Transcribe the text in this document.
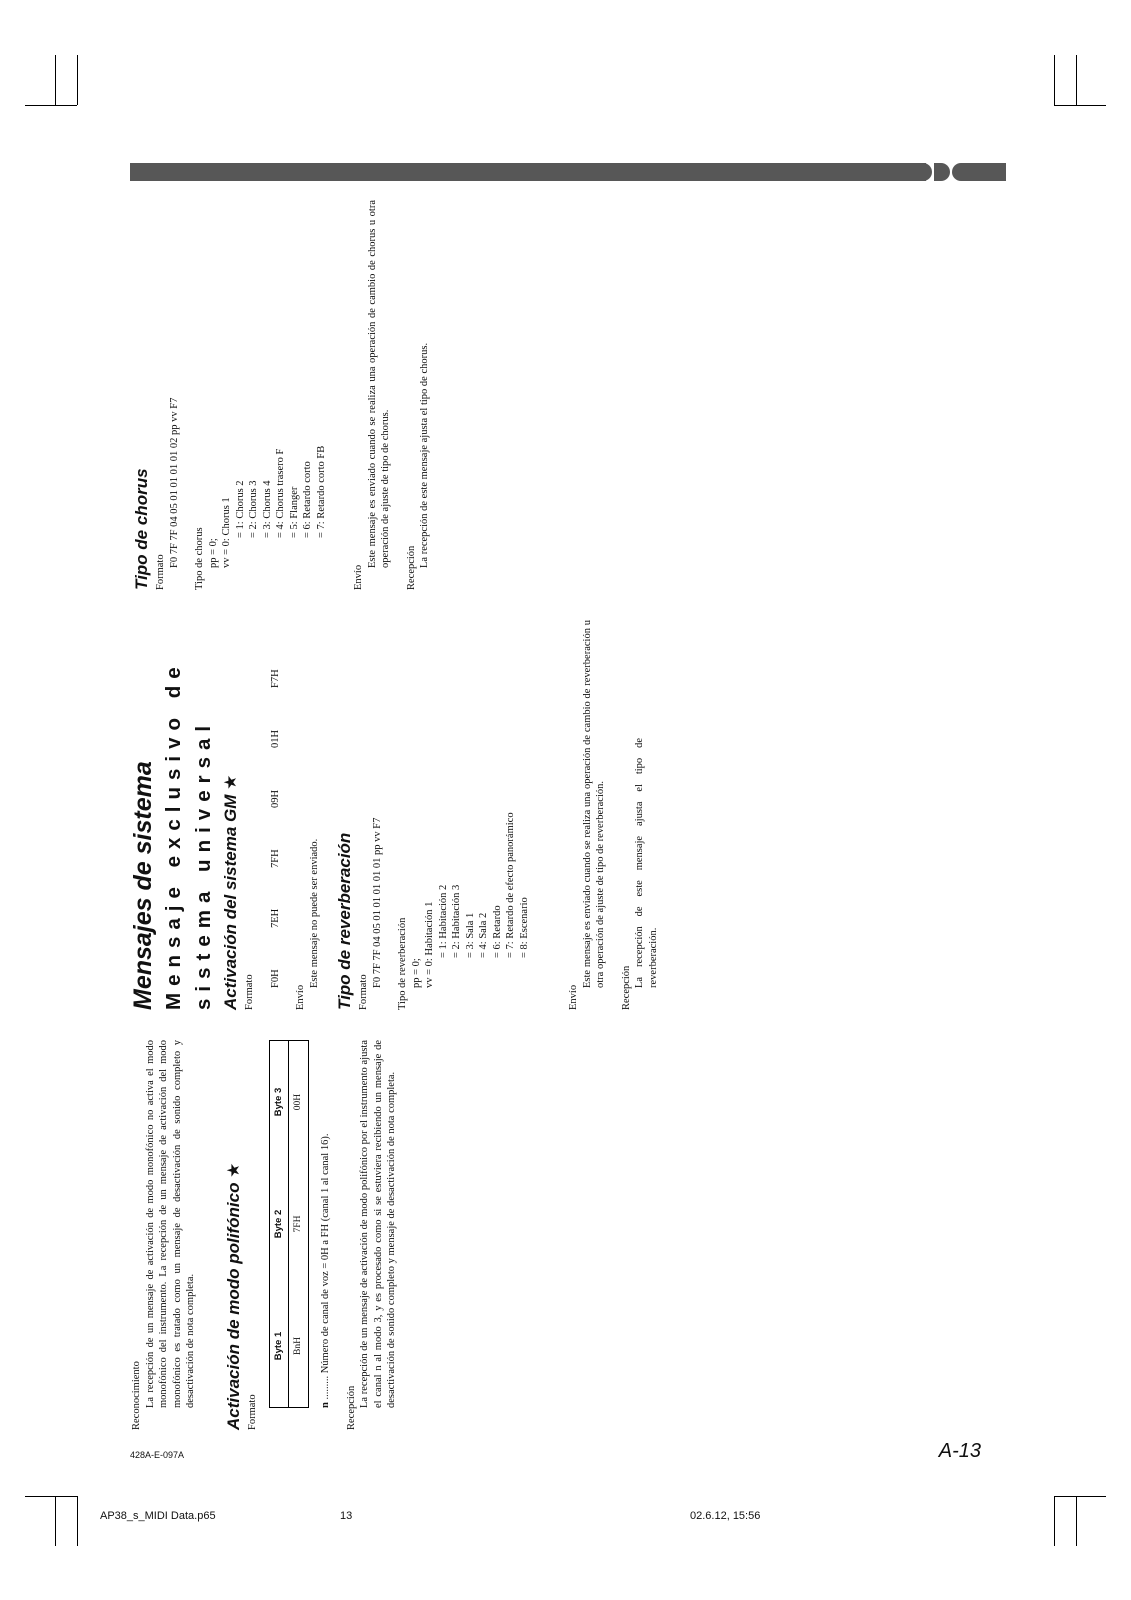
Reconocimiento La recepción de un mensaje de activación de modo monofónico no activa el modo monofónico del instrumento. La recepción de un mensaje de activación del modo monofónico es tratado como un mensaje de desactivación de sonido completo y desactivación de nota completa. Activación de modo polifónico ★ Formato

Byte 1	Byte 2	Byte 3
BnH	7FH	00H

n ......... Número de canal de voz = 0H a FH (canal 1 al canal 16).

Recepción La recepción de un mensaje de activación de modo polifónico por el instrumento ajusta el canal n al modo 3, y es procesado como si se estuviera recibiendo un mensaje de desactivación de sonido completo y mensaje de desactivación de nota completa.

Mensajes de sistema Mensaje exclusivo de sistema universal Activación del sistema GM ★ Formato F0H
7EH
7FH
09H
01H
F7H

Envío

Este mensaje no puede ser enviado. Tipo de reverberación Formato

F0 7F 7F 04 05 01 01 01 01 01 pp vv F7 Tipo de reverberación pp = 0; vv = 0: Habitación 1 = 1: Habitación 2 = 2: Habitación 3 = 3: Sala 1 = 4: Sala 2 = 6: Retardo = 7: Retardo de efecto panorámico = 8: Escenario

Envío

Este mensaje es enviado cuando se realiza una operación de cambio de reverberación u otra operación de ajuste de tipo de reverberación. Recepción La recepción de este mensaje ajusta el tipo de reverberación.

Tipo de chorus Formato

F0 7F 7F 04 05 01 01 01 01 02 pp vv F7 Tipo de chorus pp = 0; vv = 0: Chorus 1 = 1: Chorus 2 = 2: Chorus 3 = 3: Chorus 4 = 4: Chorus trasero F = 5: Flanger = 6: Retardo corto = 7: Retardo corto FB

Envío

Este mensaje es enviado cuando se realiza una operación de cambio de chorus u otra operación de ajuste de tipo de chorus. Recepción La recepción de este mensaje ajusta el tipo de chorus.

428A-E-097A	A-13
AP38_s_MIDI Data.p65	13	02.6.12, 15:56
